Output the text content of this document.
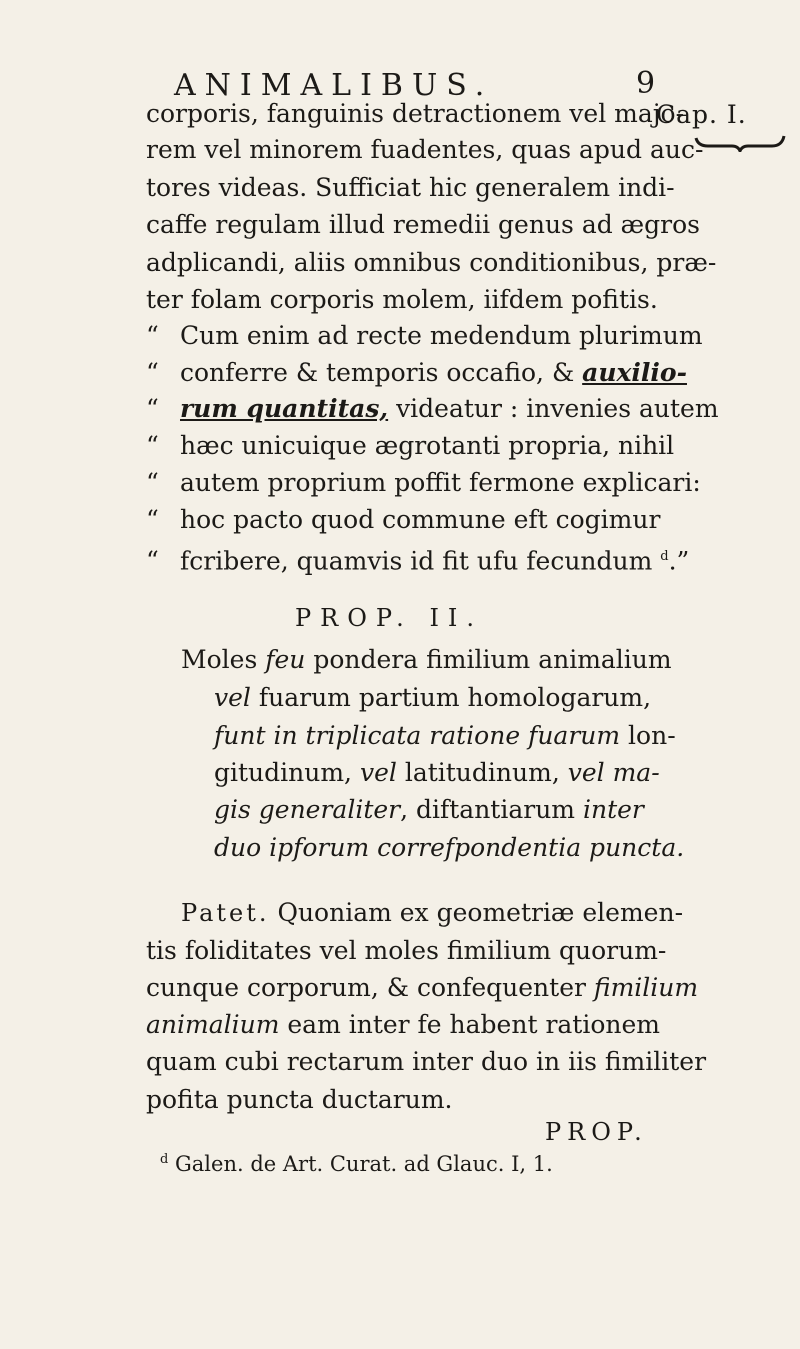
ANIMALIBUS.	9
Cap. I.
corporis, fanguinis detractionem vel majo-
rem vel minorem fuadentes, quas apud auc-
tores videas. Sufficiat hic generalem indi-
caffe regulam illud remedii genus ad ægros
adplicandi, aliis omnibus conditionibus, præ-
ter folam corporis molem, iifdem pofitis.
“ Cum enim ad recte medendum plurimum
“ conferre & temporis occafio, & auxilio-
“ rum quantitas, videatur : invenies autem
“ hæc unicuique ægrotanti propria, nihil
“ autem proprium poffit fermone explicari:
“ hoc pacto quod commune eft cogimur
“ fcribere, quamvis id fit ufu fecundum $^d$.”
PROP. II.
Moles feu pondera fimilium animalium
vel fuarum partium homologarum,
funt in triplicata ratione fuarum lon-
gitudinum, vel latitudinum, vel ma-
gis generaliter, diftantiarum inter
duo ipforum correfpondentia puncta.
Patet. Quoniam ex geometriæ elemen-
tis foliditates vel moles fimilium quorum-
cunque corporum, & confequenter fimilium
animalium eam inter fe habent rationem
quam cubi rectarum inter duo in iis fimiliter
pofita puncta ductarum.
PROP.
$^d$ Galen. de Art. Curat. ad Glauc. I, 1.
